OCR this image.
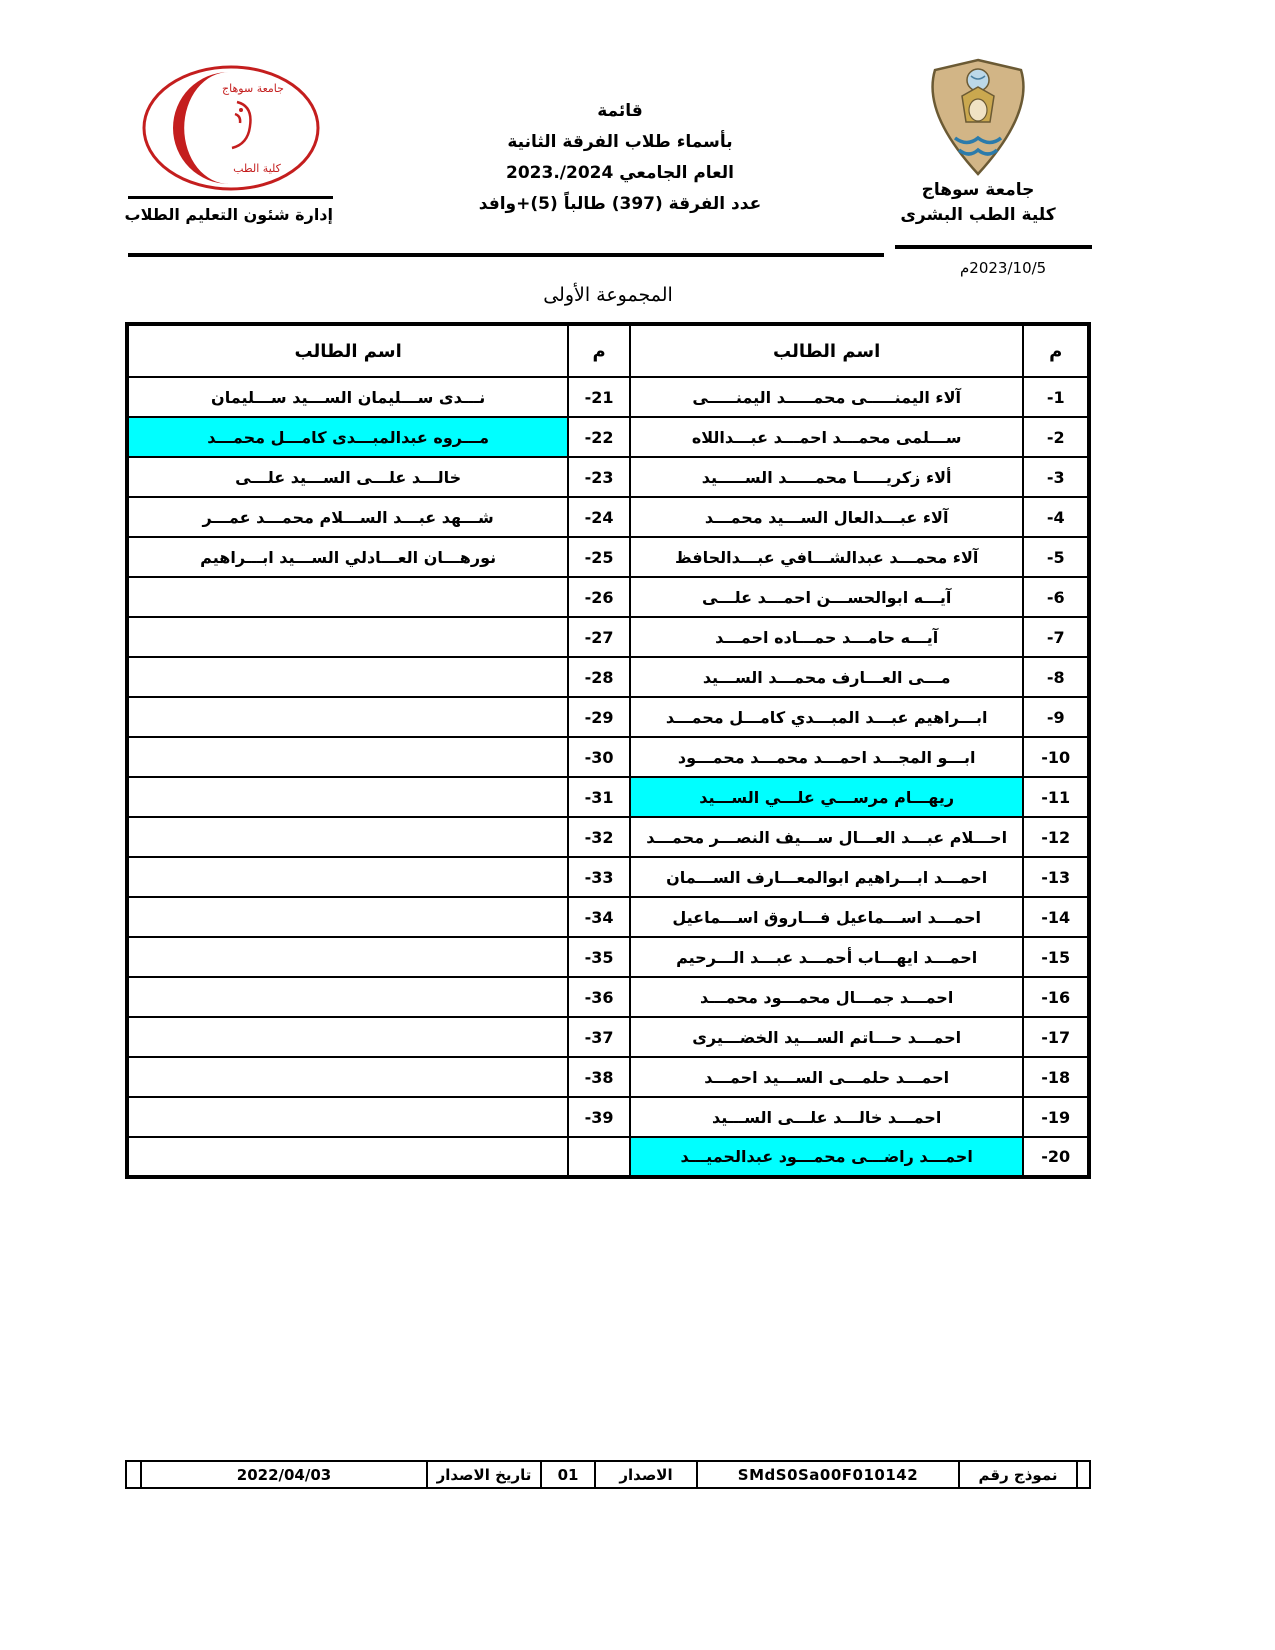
جامعة سوهاج
كلية الطب
إدارة شئون التعليم الطلاب
قائمة
بأسماء طلاب الفرقة الثانية
العام الجامعي 2023./2024
عدد الفرقة (397) طالباً +(5)وافد
جامعة سوهاج
كلية الطب البشرى
2023/10/5م
المجموعة الأولى
م	اسم الطالب	م	اسم الطالب
-1	آلاء اليمنـــــى محمـــــد اليمنـــــى	-21	نـــدى ســـليمان الســـيد ســـليمان
-2	ســـلمى محمـــد احمـــد عبـــداللاه	-22	مـــروه عبدالمبـــدى كامـــل محمـــد
-3	ألاء زكريـــــا محمـــــد الســـــيد	-23	خالـــد علـــى الســـيد علـــى
-4	آلاء عبـــدالعال الســـيد محمـــد	-24	شـــهد عبـــد الســـلام محمـــد عمـــر
-5	آلاء محمـــد عبدالشـــافي عبـــدالحافظ	-25	نورهـــان العـــادلي الســـيد ابـــراهيم
-6	آيـــه ابوالحســـن احمـــد علـــى	-26	
-7	آيـــه حامـــد حمـــاده احمـــد	-27	
-8	مـــى العـــارف محمـــد الســـيد	-28	
-9	ابـــراهيم عبـــد المبـــدي كامـــل محمـــد	-29	
-10	ابـــو المجـــد احمـــد محمـــد محمـــود	-30	
-11	ريهـــام مرســـي علـــي الســـيد	-31	
-12	احـــلام عبـــد العـــال ســـيف النصـــر محمـــد	-32	
-13	احمـــد ابـــراهيم ابوالمعـــارف الســـمان	-33	
-14	احمـــد اســـماعيل فـــاروق اســـماعيل	-34	
-15	احمـــد ايهـــاب أحمـــد عبـــد الـــرحيم	-35	
-16	احمـــد جمـــال محمـــود محمـــد	-36	
-17	احمـــد حـــاتم الســـيد الخضـــيرى	-37	
-18	احمـــد حلمـــى الســـيد احمـــد	-38	
-19	احمـــد خالـــد علـــى الســـيد	-39	
-20	احمـــد راضـــى محمـــود عبدالحميـــد		
نموذج رقم
SMdS0Sa00F010142
الاصدار
01
تاريخ الاصدار
2022/04/03
